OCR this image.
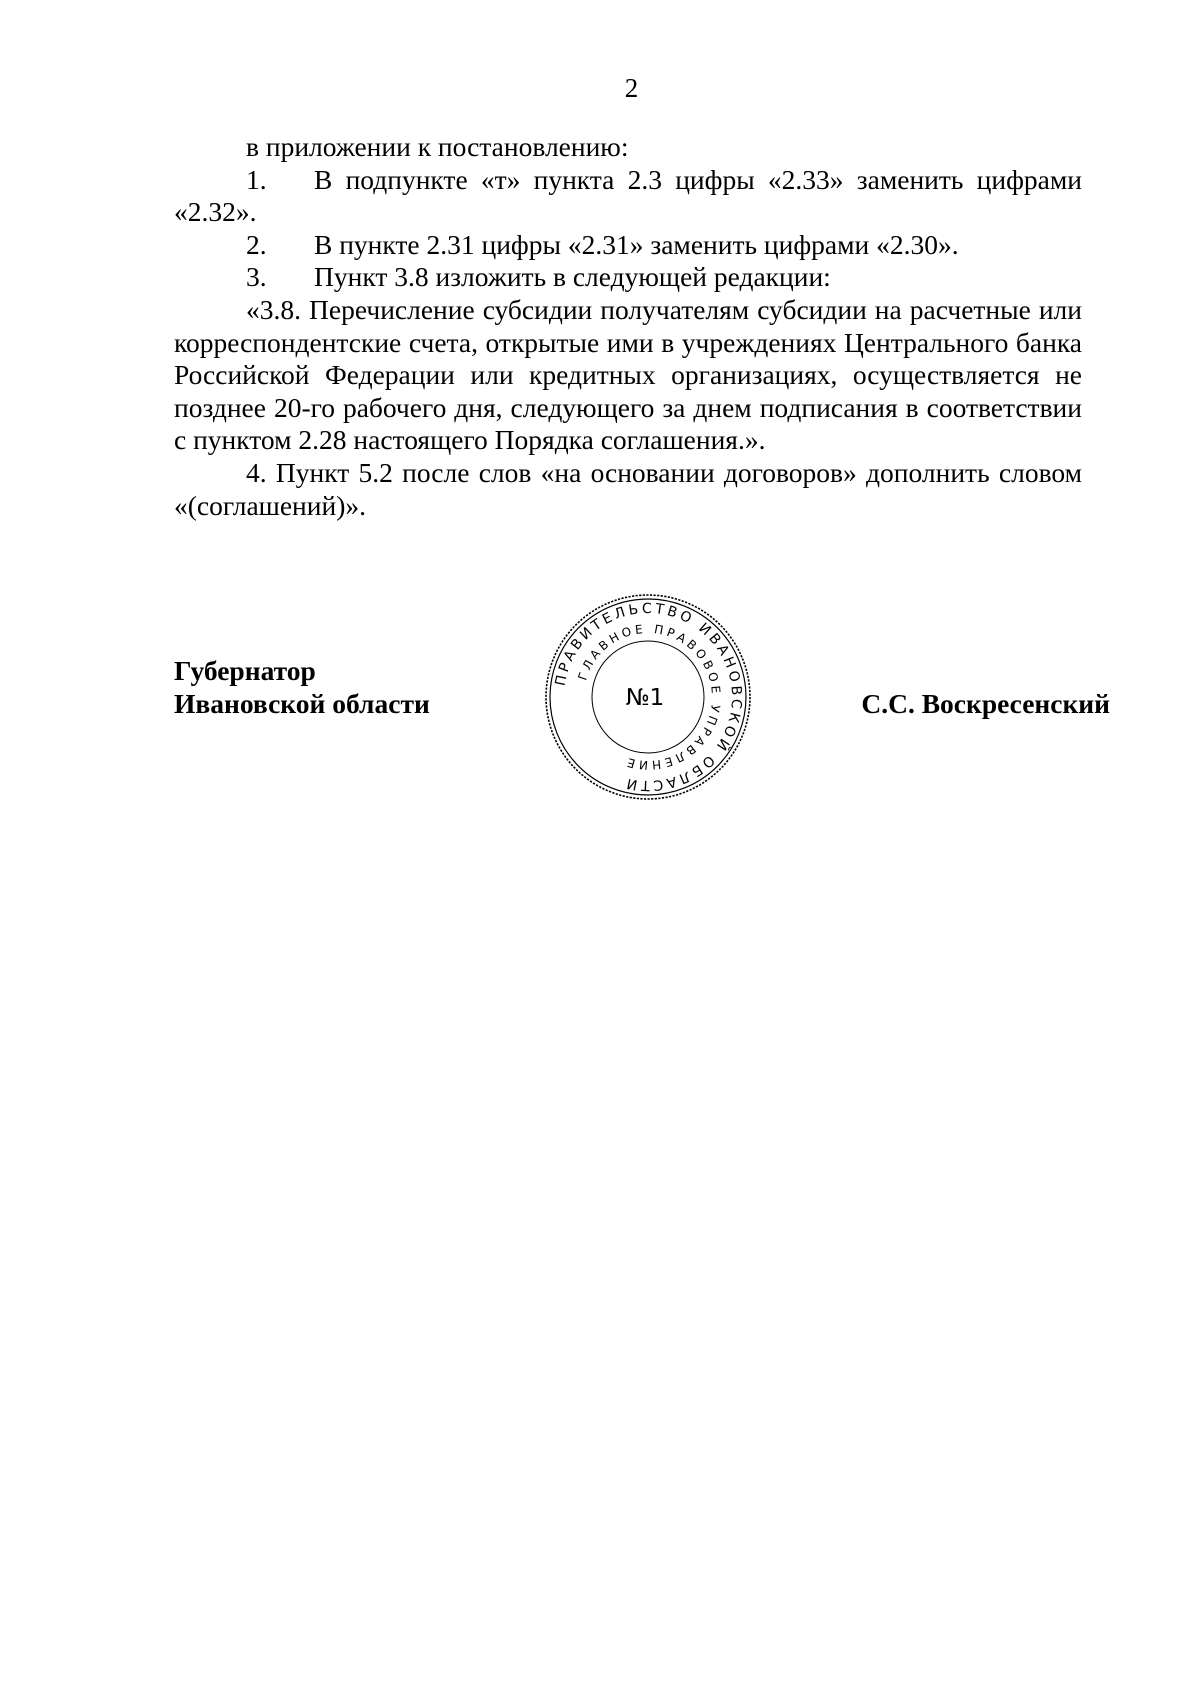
2

в приложении к постановлению:

1. В подпункте «т» пункта 2.3 цифры «2.33» заменить цифрами «2.32».

2. В пункте 2.31 цифры «2.31» заменить цифрами «2.30».

3. Пункт 3.8 изложить в следующей редакции:

«3.8. Перечисление субсидии получателям субсидии на расчетные или корреспондентские счета, открытые ими в учреждениях Центрального банка Российской Федерации или кредитных организациях, осуществляется не позднее 20-го рабочего дня, следующего за днем подписания в соответствии с пунктом 2.28 настоящего Порядка соглашения.».

4. Пункт 5.2 после слов «на основании договоров» дополнить словом «(соглашений)».

Губернатор
Ивановской области
ПРАВИТЕЛЬСТВО ИВАНОВСКОЙ ОБЛАСТИ
ГЛАВНОЕ ПРАВОВОЕ УПРАВЛЕНИЕ
№1	С.С. Воскресенский
